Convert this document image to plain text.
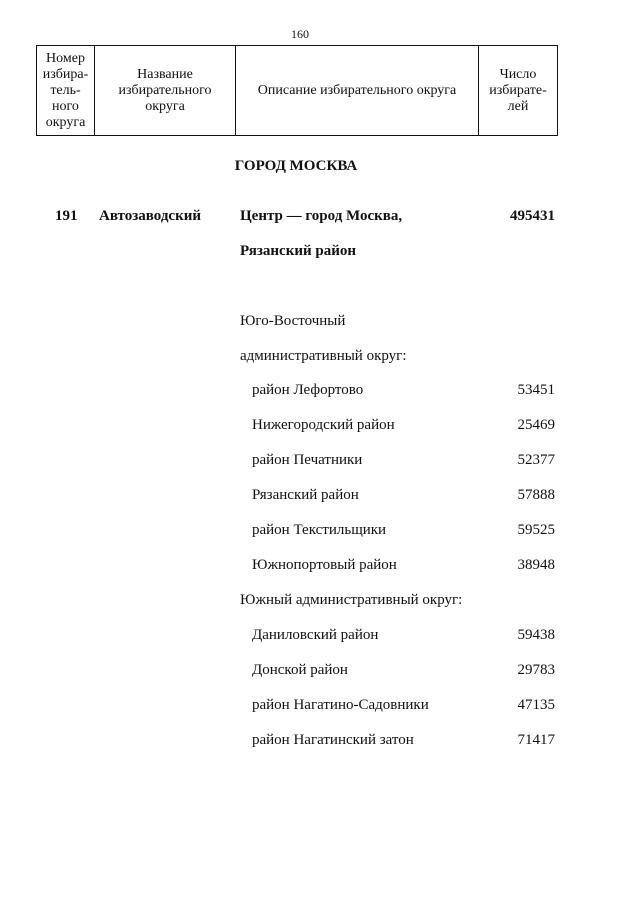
160
Номер избира-тель-ного округа	Название избирательного округа	Описание избирательного округа	Число избирате-лей
ГОРОД МОСКВА
191 Автозаводский	Центр — город Москва,	495431
Рязанский район
Юго-Восточный
административный округ:
район Лефортово	53451
Нижегородский район	25469
район Печатники	52377
Рязанский район	57888
район Текстильщики	59525
Южнопортовый район	38948
Южный административный округ:
Даниловский район	59438
Донской район	29783
район Нагатино-Садовники	47135
район Нагатинский затон	71417
